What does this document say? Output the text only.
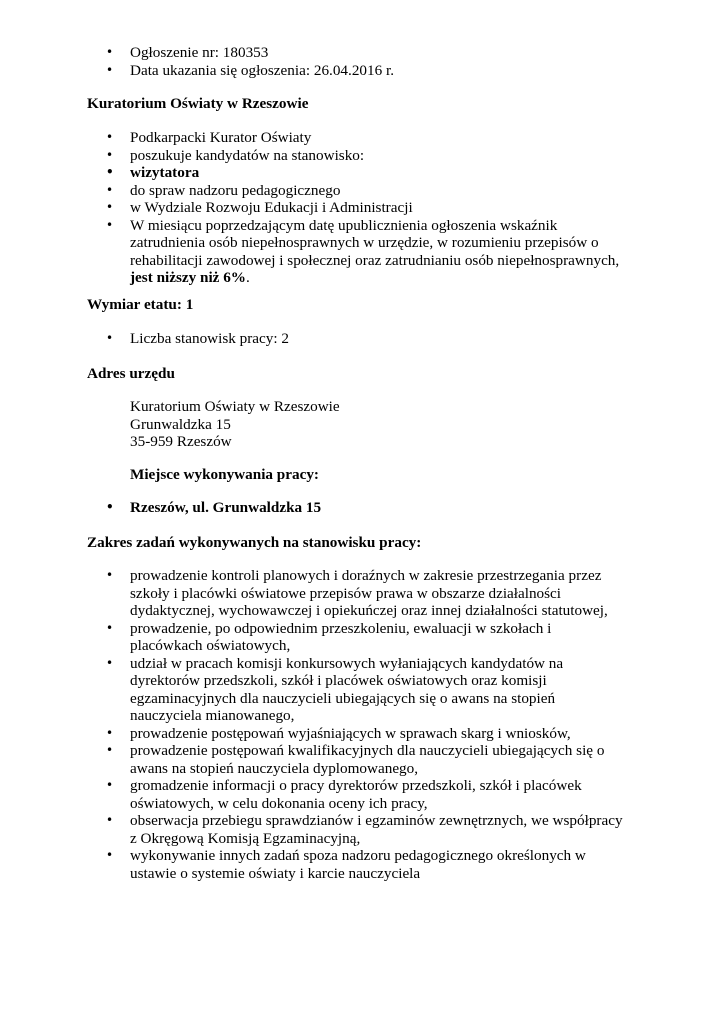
• Ogłoszenie nr: 180353
• Data ukazania się ogłoszenia: 26.04.2016 r.
Kuratorium Oświaty w Rzeszowie
• Podkarpacki Kurator Oświaty
• poszukuje kandydatów na stanowisko:
• wizytatora
• do spraw nadzoru pedagogicznego
• w Wydziale Rozwoju Edukacji i Administracji
• W miesiącu poprzedzającym datę upublicznienia ogłoszenia wskaźnik zatrudnienia osób niepełnosprawnych w urzędzie, w rozumieniu przepisów o rehabilitacji zawodowej i społecznej oraz zatrudnianiu osób niepełnosprawnych, jest niższy niż 6%.
Wymiar etatu: 1
• Liczba stanowisk pracy: 2
Adres urzędu
Kuratorium Oświaty w Rzeszowie
Grunwaldzka 15
35-959 Rzeszów
Miejsce wykonywania pracy:
• Rzeszów, ul. Grunwaldzka 15
Zakres zadań wykonywanych na stanowisku pracy:
• prowadzenie kontroli planowych i doraźnych w zakresie przestrzegania przez szkoły i placówki oświatowe przepisów prawa w obszarze działalności dydaktycznej, wychowawczej i opiekuńczej oraz innej działalności statutowej,
• prowadzenie, po odpowiednim przeszkoleniu, ewaluacji w szkołach i placówkach oświatowych,
• udział w pracach komisji konkursowych wyłaniających kandydatów na dyrektorów przedszkoli, szkół i placówek oświatowych oraz komisji egzaminacyjnych dla nauczycieli ubiegających się o awans na stopień nauczyciela mianowanego,
• prowadzenie postępowań wyjaśniających w sprawach skarg i wniosków,
• prowadzenie postępowań kwalifikacyjnych dla nauczycieli ubiegających się o awans na stopień nauczyciela dyplomowanego,
• gromadzenie informacji o pracy dyrektorów przedszkoli, szkół i placówek oświatowych, w celu dokonania oceny ich pracy,
• obserwacja przebiegu sprawdzianów i egzaminów zewnętrznych, we współpracy z Okręgową Komisją Egzaminacyjną,
• wykonywanie innych zadań spoza nadzoru pedagogicznego określonych w ustawie o systemie oświaty i karcie nauczyciela
